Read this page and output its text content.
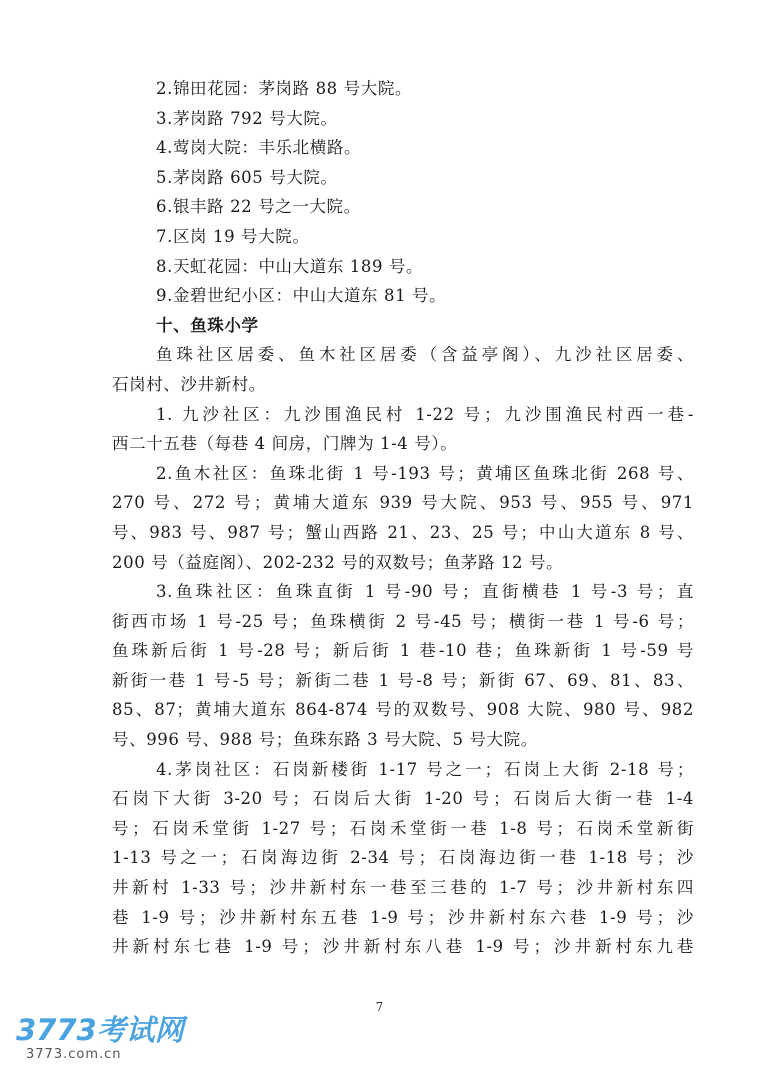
2.锦田花园：茅岗路 88 号大院。
3.茅岗路 792 号大院。
4.莺岗大院：丰乐北横路。
5.茅岗路 605 号大院。
6.银丰路 22 号之一大院。
7.区岗 19 号大院。
8.天虹花园：中山大道东 189 号。
9.金碧世纪小区：中山大道东 81 号。
十、鱼珠小学
鱼珠社区居委、鱼木社区居委（含益亭阁）、九沙社区居委、
石岗村、沙井新村。
1. 九沙社区：九沙围渔民村 1-22 号；九沙围渔民村西一巷-
西二十五巷（每巷 4 间房，门牌为 1-4 号）。
2.鱼木社区：鱼珠北街 1 号-193 号；黄埔区鱼珠北街 268 号、
270 号、272 号；黄埔大道东 939 号大院、953 号、955 号、971
号、983 号、987 号；蟹山西路 21、23、25 号；中山大道东 8 号、
200 号（益庭阁）、202-232 号的双数号；鱼茅路 12 号。
3.鱼珠社区：鱼珠直街 1 号-90 号；直街横巷 1 号-3 号；直
街西市场 1 号-25 号；鱼珠横街 2 号-45 号；横街一巷 1 号-6 号；
鱼珠新后街 1 号-28 号；新后街 1 巷-10 巷；鱼珠新街 1 号-59 号
新街一巷 1 号-5 号；新街二巷 1 号-8 号；新街 67、69、81、83、
85、87；黄埔大道东 864-874 号的双数号、908 大院、980 号、982
号、996 号、988 号；鱼珠东路 3 号大院、5 号大院。
4.茅岗社区：石岗新楼街 1-17 号之一；石岗上大街 2-18 号；
石岗下大街 3-20 号；石岗后大街 1-20 号；石岗后大街一巷 1-4
号；石岗禾堂街 1-27 号；石岗禾堂街一巷 1-8 号；石岗禾堂新街
1-13 号之一；石岗海边街 2-34 号；石岗海边街一巷 1-18 号；沙
井新村 1-33 号；沙井新村东一巷至三巷的 1-7 号；沙井新村东四
巷 1-9 号；沙井新村东五巷 1-9 号；沙井新村东六巷 1-9 号；沙
井新村东七巷 1-9 号；沙井新村东八巷 1-9 号；沙井新村东九巷
7
3773考试网
3773.com.cn
